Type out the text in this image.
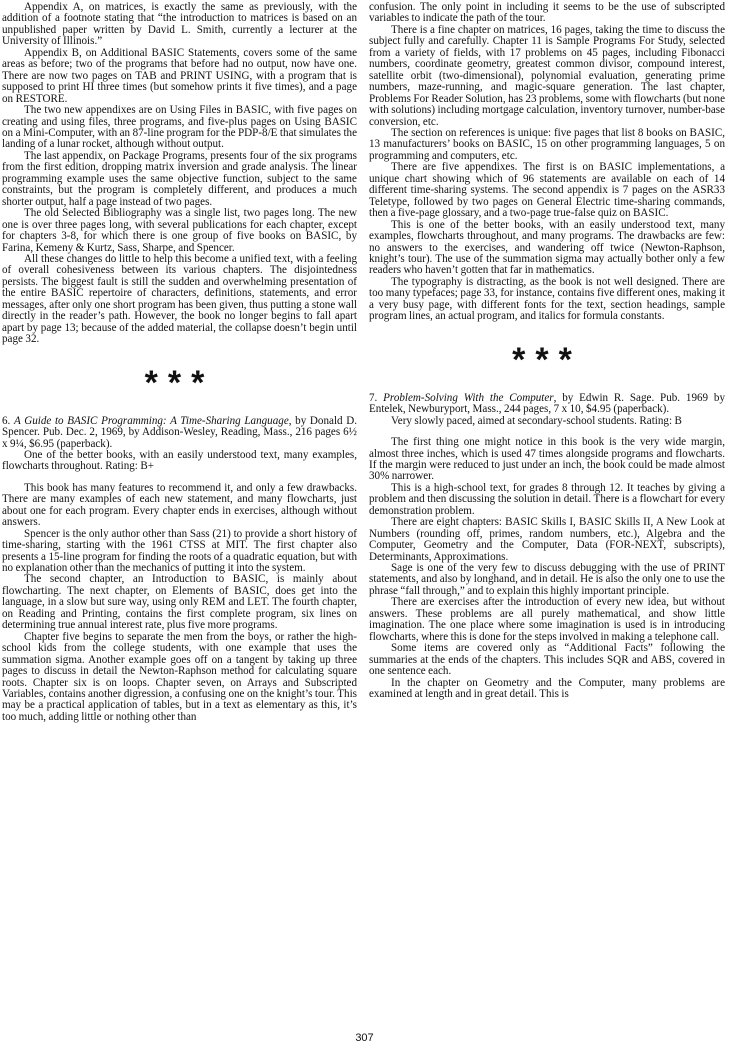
Appendix A, on matrices, is exactly the same as previously, with the addition of a footnote stating that “the introduction to matrices is based on an unpublished paper written by David L. Smith, currently a lecturer at the University of Illinois.”

Appendix B, on Additional BASIC Statements, covers some of the same areas as before; two of the programs that before had no output, now have one. There are now two pages on TAB and PRINT USING, with a program that is supposed to print HI three times (but somehow prints it five times), and a page on RESTORE.

The two new appendixes are on Using Files in BASIC, with five pages on creating and using files, three programs, and five-plus pages on Using BASIC on a Mini-Computer, with an 87-line program for the PDP-8/E that simulates the landing of a lunar rocket, although without output.

The last appendix, on Package Programs, presents four of the six programs from the first edition, dropping matrix inversion and grade analysis. The linear programming example uses the same objective function, subject to the same constraints, but the program is completely different, and produces a much shorter output, half a page instead of two pages.

The old Selected Bibliography was a single list, two pages long. The new one is over three pages long, with several publications for each chapter, except for chapters 3-8, for which there is one group of five books on BASIC, by Farina, Kemeny & Kurtz, Sass, Sharpe, and Spencer.

All these changes do little to help this become a unified text, with a feeling of overall cohesiveness between its various chapters. The disjointedness persists. The biggest fault is still the sudden and overwhelming presentation of the entire BASIC repertoire of characters, definitions, statements, and error messages, after only one short program has been given, thus putting a stone wall directly in the reader’s path. However, the book no longer begins to fall apart apart by page 13; because of the added material, the collapse doesn’t begin until page 32.

***

6. A Guide to BASIC Programming: A Time-Sharing Language, by Donald D. Spencer. Pub. Dec. 2, 1969, by Addison-Wesley, Reading, Mass., 216 pages 6½ x 9¼, $6.95 (paperback).

One of the better books, with an easily understood text, many examples, flowcharts throughout. Rating: B+

This book has many features to recommend it, and only a few drawbacks. There are many examples of each new statement, and many flowcharts, just about one for each program. Every chapter ends in exercises, although without answers.

Spencer is the only author other than Sass (21) to provide a short history of time-sharing, starting with the 1961 CTSS at MIT. The first chapter also presents a 15-line program for finding the roots of a quadratic equation, but with no explanation other than the mechanics of putting it into the system.

The second chapter, an Introduction to BASIC, is mainly about flowcharting. The next chapter, on Elements of BASIC, does get into the language, in a slow but sure way, using only REM and LET. The fourth chapter, on Reading and Printing, contains the first complete program, six lines on determining true annual interest rate, plus five more programs.

Chapter five begins to separate the men from the boys, or rather the high-school kids from the college students, with one example that uses the summation sigma. Another example goes off on a tangent by taking up three pages to discuss in detail the Newton-Raphson method for calculating square roots. Chapter six is on loops. Chapter seven, on Arrays and Subscripted Variables, contains another digression, a confusing one on the knight’s tour. This may be a practical application of tables, but in a text as elementary as this, it’s too much, adding little or nothing other than

confusion. The only point in including it seems to be the use of subscripted variables to indicate the path of the tour.

There is a fine chapter on matrices, 16 pages, taking the time to discuss the subject fully and carefully. Chapter 11 is Sample Programs For Study, selected from a variety of fields, with 17 problems on 45 pages, including Fibonacci numbers, coordinate geometry, greatest common divisor, compound interest, satellite orbit (two-dimensional), polynomial evaluation, generating prime numbers, maze-running, and magic-square generation. The last chapter, Problems For Reader Solution, has 23 problems, some with flowcharts (but none with solutions) including mortgage calculation, inventory turnover, number-base conversion, etc.

The section on references is unique: five pages that list 8 books on BASIC, 13 manufacturers’ books on BASIC, 15 on other programming languages, 5 on programming and computers, etc.

There are five appendixes. The first is on BASIC implementations, a unique chart showing which of 96 statements are available on each of 14 different time-sharing systems. The second appendix is 7 pages on the ASR33 Teletype, followed by two pages on General Electric time-sharing commands, then a five-page glossary, and a two-page true-false quiz on BASIC.

This is one of the better books, with an easily understood text, many examples, flowcharts throughout, and many programs. The drawbacks are few: no answers to the exercises, and wandering off twice (Newton-Raphson, knight’s tour). The use of the summation sigma may actually bother only a few readers who haven’t gotten that far in mathematics.

The typography is distracting, as the book is not well designed. There are too many typefaces; page 33, for instance, contains five different ones, making it a very busy page, with different fonts for the text, section headings, sample program lines, an actual program, and italics for formula constants.

***

7. Problem-Solving With the Computer, by Edwin R. Sage. Pub. 1969 by Entelek, Newburyport, Mass., 244 pages, 7 x 10, $4.95 (paperback).

Very slowly paced, aimed at secondary-school students. Rating: B

The first thing one might notice in this book is the very wide margin, almost three inches, which is used 47 times alongside programs and flowcharts. If the margin were reduced to just under an inch, the book could be made almost 30% narrower.

This is a high-school text, for grades 8 through 12. It teaches by giving a problem and then discussing the solution in detail. There is a flowchart for every demonstration problem.

There are eight chapters: BASIC Skills I, BASIC Skills II, A New Look at Numbers (rounding off, primes, random numbers, etc.), Algebra and the Computer, Geometry and the Computer, Data (FOR-NEXT, subscripts), Determinants, Approximations.

Sage is one of the very few to discuss debugging with the use of PRINT statements, and also by longhand, and in detail. He is also the only one to use the phrase “fall through,” and to explain this highly important principle.

There are exercises after the introduction of every new idea, but without answers. These problems are all purely mathematical, and show little imagination. The one place where some imagination is used is in introducing flowcharts, where this is done for the steps involved in making a telephone call.

Some items are covered only as “Additional Facts” following the summaries at the ends of the chapters. This includes SQR and ABS, covered in one sentence each.

In the chapter on Geometry and the Computer, many problems are examined at length and in great detail. This is

307
